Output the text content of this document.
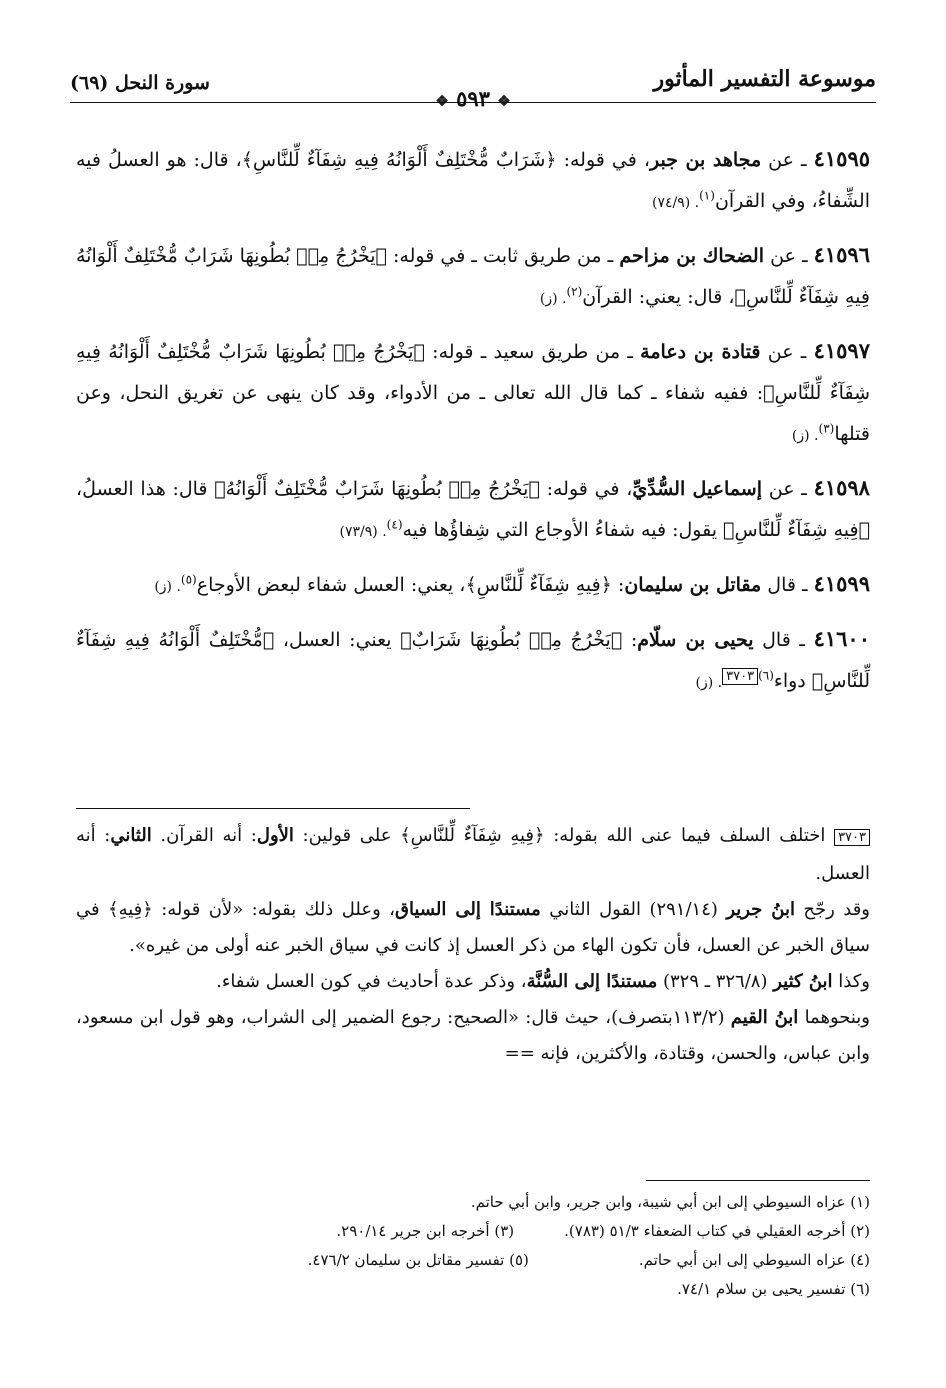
سورة النحل (٦٩)	موسوعة التفسير المأثور
❖ ٥٩٣ ❖
٤١٥٩٥ ـ عن مجاهد بن جبر، في قوله: ﴿شَرَابٌ مُّخْتَلِفٌ أَلْوَانُهُ فِيهِ شِفَآءٌ لِّلنَّاسِ﴾، قال: هو العسلُ فيه الشِّفاءُ، وفي القرآن$^{(١)}$. (٧٤/٩)
٤١٥٩٦ ـ عن الضحاك بن مزاحم ـ من طريق ثابت ـ في قوله: ﴿يَخْرُجُ مِنۢ بُطُونِهَا شَرَابٌ مُّخْتَلِفٌ أَلْوَانُهُ فِيهِ شِفَآءٌ لِّلنَّاسِ﴾، قال: يعني: القرآن$^{(٢)}$. (ز)
٤١٥٩٧ ـ عن قتادة بن دعامة ـ من طريق سعيد ـ قوله: ﴿يَخْرُجُ مِنۢ بُطُونِهَا شَرَابٌ مُّخْتَلِفٌ أَلْوَانُهُ فِيهِ شِفَآءٌ لِّلنَّاسِ﴾: ففيه شفاء ـ كما قال الله تعالى ـ من الأدواء، وقد كان ينهى عن تغريق النحل، وعن قتلها$^{(٣)}$. (ز)
٤١٥٩٨ ـ عن إسماعيل السُّدِّيِّ، في قوله: ﴿يَخْرُجُ مِنۢ بُطُونِهَا شَرَابٌ مُّخْتَلِفٌ أَلْوَانُهُ﴾ قال: هذا العسلُ، ﴿فِيهِ شِفَآءٌ لِّلنَّاسِ﴾ يقول: فيه شفاءُ الأوجاع التي شِفاؤُها فيه$^{(٤)}$. (٧٣/٩)
٤١٥٩٩ ـ قال مقاتل بن سليمان: ﴿فِيهِ شِفَآءٌ لِّلنَّاسِ﴾، يعني: العسل شفاء لبعض الأوجاع$^{(٥)}$. (ز)
٤١٦٠٠ ـ قال يحيى بن سلّام: ﴿يَخْرُجُ مِنۢ بُطُونِهَا شَرَابٌ﴾ يعني: العسل، ﴿مُّخْتَلِفٌ أَلْوَانُهُ فِيهِ شِفَآءٌ لِّلنَّاسِ﴾ دواء$^{(٦)٣٧٠٣}$. (ز)

٣٧٠٣ اختلف السلف فيما عنى الله بقوله: ﴿فِيهِ شِفَآءٌ لِّلنَّاسِ﴾ على قولين: الأول: أنه القرآن. الثاني: أنه العسل.

وقد رجّح ابنُ جرير (٢٩١/١٤) القول الثاني مستندًا إلى السياق، وعلل ذلك بقوله: «لأن قوله: ﴿فِيهِ﴾ في سياق الخبر عن العسل، فأن تكون الهاء من ذكر العسل إذ كانت في سياق الخبر عنه أولى من غيره».

وكذا ابنُ كثير (٣٢٦/٨ ـ ٣٢٩) مستندًا إلى السُّنَّة، وذكر عدة أحاديث في كون العسل شفاء.

وبنحوهما ابنُ القيم (١١٣/٢بتصرف)، حيث قال: «الصحيح: رجوع الضمير إلى الشراب، وهو قول ابن مسعود، وابن عباس، والحسن، وقتادة، والأكثرين، فإنه ==

(١) عزاه السيوطي إلى ابن أبي شيبة، وابن جرير، وابن أبي حاتم.
(٢) أخرجه العقيلي في كتاب الضعفاء ٥١/٣ (٧٨٣).(٣) أخرجه ابن جرير ٢٩٠/١٤.
(٤) عزاه السيوطي إلى ابن أبي حاتم.(٥) تفسير مقاتل بن سليمان ٤٧٦/٢.
(٦) تفسير يحيى بن سلام ٧٤/١.
